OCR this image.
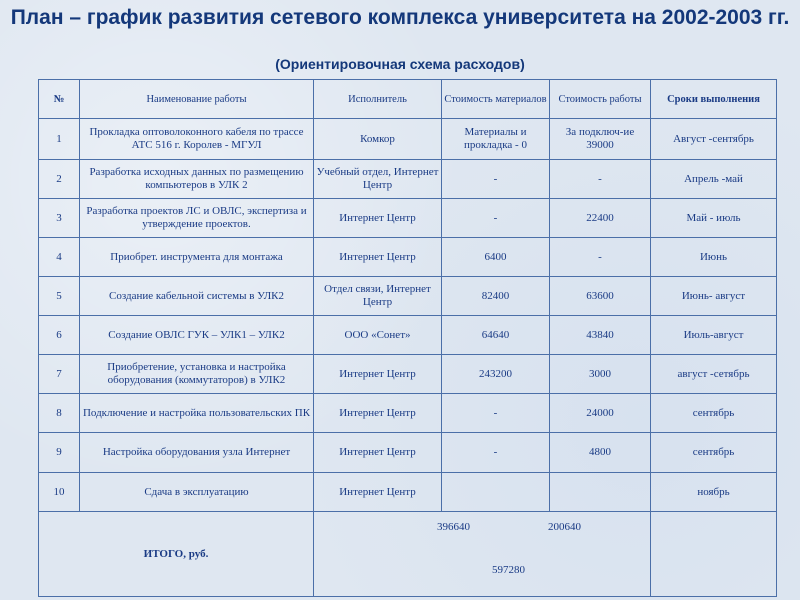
План – график развития сетевого комплекса университета на 2002-2003 гг.
(Ориентировочная схема расходов)
№	Наименование работы	Исполнитель	Стоимость материалов	Стоимость работы	Сроки выполнения
1	Прокладка оптоволоконного кабеля по трассе АТС 516 г. Королев - МГУЛ	Комкор	Материалы и прокладка - 0	За подключ-ие 39000	Август -сентябрь
2	Разработка исходных данных по размещению компьютеров в УЛК 2	Учебный отдел, Интернет Центр	-	-	Апрель -май
3	Разработка проектов ЛС и ОВЛС, экспертиза и утверждение проектов.	Интернет Центр	-	22400	Май - июль
4	Приобрет. инструмента для монтажа	Интернет Центр	6400	-	Июнь
5	Создание кабельной системы в УЛК2	Отдел связи, Интернет Центр	82400	63600	Июнь- август
6	Создание ОВЛС ГУК – УЛК1 – УЛК2	ООО «Сонет»	64640	43840	Июль-август
7	Приобретение, установка и настройка оборудования (коммутаторов) в УЛК2	Интернет Центр	243200	3000	август -сетябрь
8	Подключение и настройка пользовательских ПК	Интернет Центр	-	24000	сентябрь
9	Настройка оборудования узла Интернет	Интернет Центр	-	4800	сентябрь
10	Сдача в эксплуатацию	Интернет Центр			ноябрь
ИТОГО, руб.					
396640	200640
597280
